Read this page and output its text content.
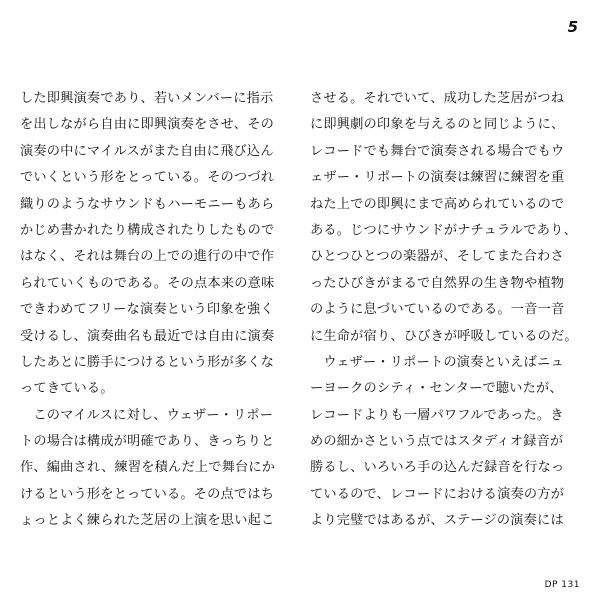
5
した即興演奏であり、若いメンバーに指示
を出しながら自由に即興演奏をさせ、その
演奏の中にマイルスがまた自由に飛び込ん
でいくという形をとっている。そのつづれ
織りのようなサウンドもハーモニーもあら
かじめ書かれたり構成されたりしたもので
はなく、それは舞台の上での進行の中で作
られていくものである。その点本来の意味
できわめてフリーな演奏という印象を強く
受けるし、演奏曲名も最近では自由に演奏
したあとに勝手につけるという形が多くな
ってきている。
　このマイルスに対し、ウェザー・リポー
トの場合は構成が明確であり、きっちりと
作、編曲され、練習を積んだ上で舞台にか
けるという形をとっている。その点ではち
ょっとよく練られた芝居の上演を思い起こ
させる。それでいて、成功した芝居がつね
に即興劇の印象を与えるのと同じように、
レコードでも舞台で演奏される場合でもウ
ェザー・リポートの演奏は練習に練習を重
ねた上での即興にまで高められているので
ある。じつにサウンドがナチュラルであり、
ひとつひとつの楽器が、そしてまた合わさ
ったひびきがまるで自然界の生き物や植物
のように息づいているのである。一音一音
に生命が宿り、ひびきが呼吸しているのだ。
　ウェザー・リポートの演奏といえばニュ
ーヨークのシティ・センターで聴いたが、
レコードよりも一層パワフルであった。き
めの細かさという点ではスタディオ録音が
勝るし、いろいろ手の込んだ録音を行なっ
ているので、レコードにおける演奏の方が
より完璧ではあるが、ステージの演奏には
DP 131
